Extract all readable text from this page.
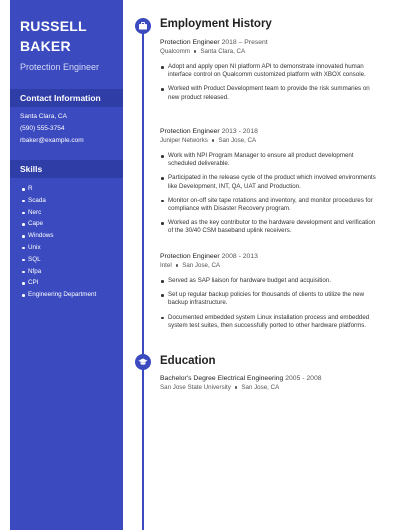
RUSSELL
BAKER
Protection Engineer
Contact Information
Santa Clara, CA
(590) 555-3754
rbaker@example.com
Skills
R
Scada
Nerc
Cape
Windows
Unix
SQL
Nfpa
CPI
Engineering Department
Employment History
Protection Engineer 2018 – Present
Qualcomm Santa Clara, CA
Adopt and apply open NI platform API to demonstrate innovated human interface control on Qualcomm customized platform with XBOX console.
Worked with Product Development team to provide the risk summaries on new product released.
Protection Engineer 2013 - 2018
Juniper Networks San Jose, CA
Work with NPI Program Manager to ensure all product development scheduled deliverable.
Participated in the release cycle of the product which involved environments like Development, INT, QA, UAT and Production.
Monitor on-off site tape rotations and inventory, and monitor procedures for compliance with Disaster Recovery program.
Worked as the key contributor to the hardware development and verification of the 30/40 CSM baseband uplink receivers.
Protection Engineer 2008 - 2013
Intel San Jose, CA
Served as SAP liaison for hardware budget and acquisition.
Set up regular backup policies for thousands of clients to utilize the new backup infrastructure.
Documented embedded system Linux installation process and embedded system test suites, then successfully ported to other hardware platforms.
Education
Bachelor's Degree Electrical Engineering 2005 - 2008
San Jose State University San Jose, CA
